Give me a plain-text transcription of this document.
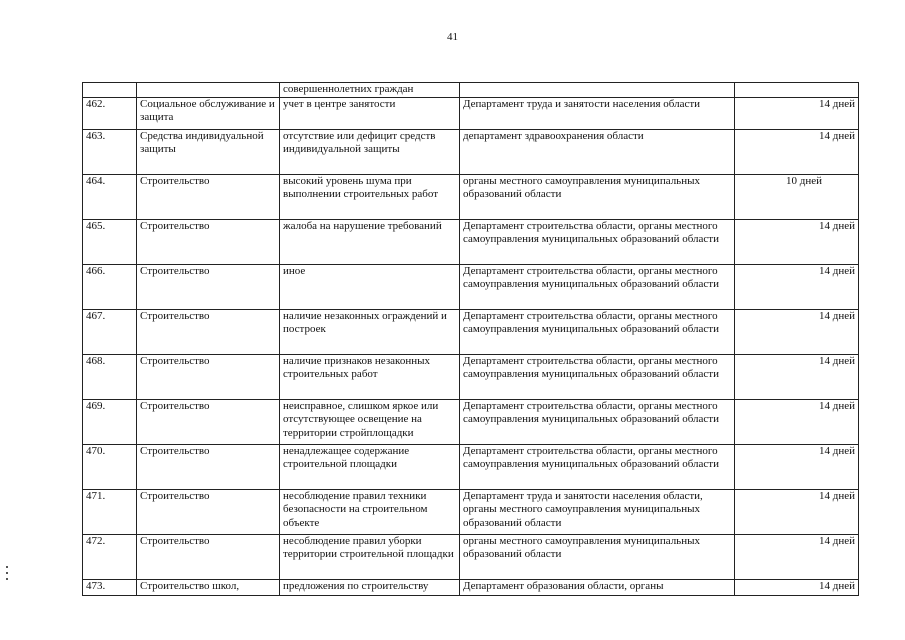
41
		совершеннолетних граждан		
462.	Социальное обслуживание и защита	учет в центре занятости	Департамент труда и занятости населения области	14 дней
463.	Средства индивидуальной защиты	отсутствие или дефицит средств индивидуальной защиты	департамент здравоохранения области	14 дней
464.	Строительство	высокий уровень шума при выполнении строительных работ	органы местного самоуправления муниципальных образований области	10 дней
465.	Строительство	жалоба на нарушение требований	Департамент строительства области, органы местного самоуправления муниципальных образований области	14 дней
466.	Строительство	иное	Департамент строительства области, органы местного самоуправления муниципальных образований области	14 дней
467.	Строительство	наличие незаконных ограждений и построек	Департамент строительства области, органы местного самоуправления муниципальных образований области	14 дней
468.	Строительство	наличие признаков незаконных строительных работ	Департамент строительства области, органы местного самоуправления муниципальных образований области	14 дней
469.	Строительство	неисправное, слишком яркое или отсутствующее освещение на территории стройплощадки	Департамент строительства области, органы местного самоуправления муниципальных образований области	14 дней
470.	Строительство	ненадлежащее содержание строительной площадки	Департамент строительства области, органы местного самоуправления муниципальных образований области	14 дней
471.	Строительство	несоблюдение правил техники безопасности на строительном объекте	Департамент труда и занятости населения области, органы местного самоуправления муниципальных образований области	14 дней
472.	Строительство	несоблюдение правил уборки территории строительной площадки	органы местного самоуправления муниципальных образований области	14 дней
473.	Строительство школ,	предложения по строительству	Департамент образования области, органы	14 дней
